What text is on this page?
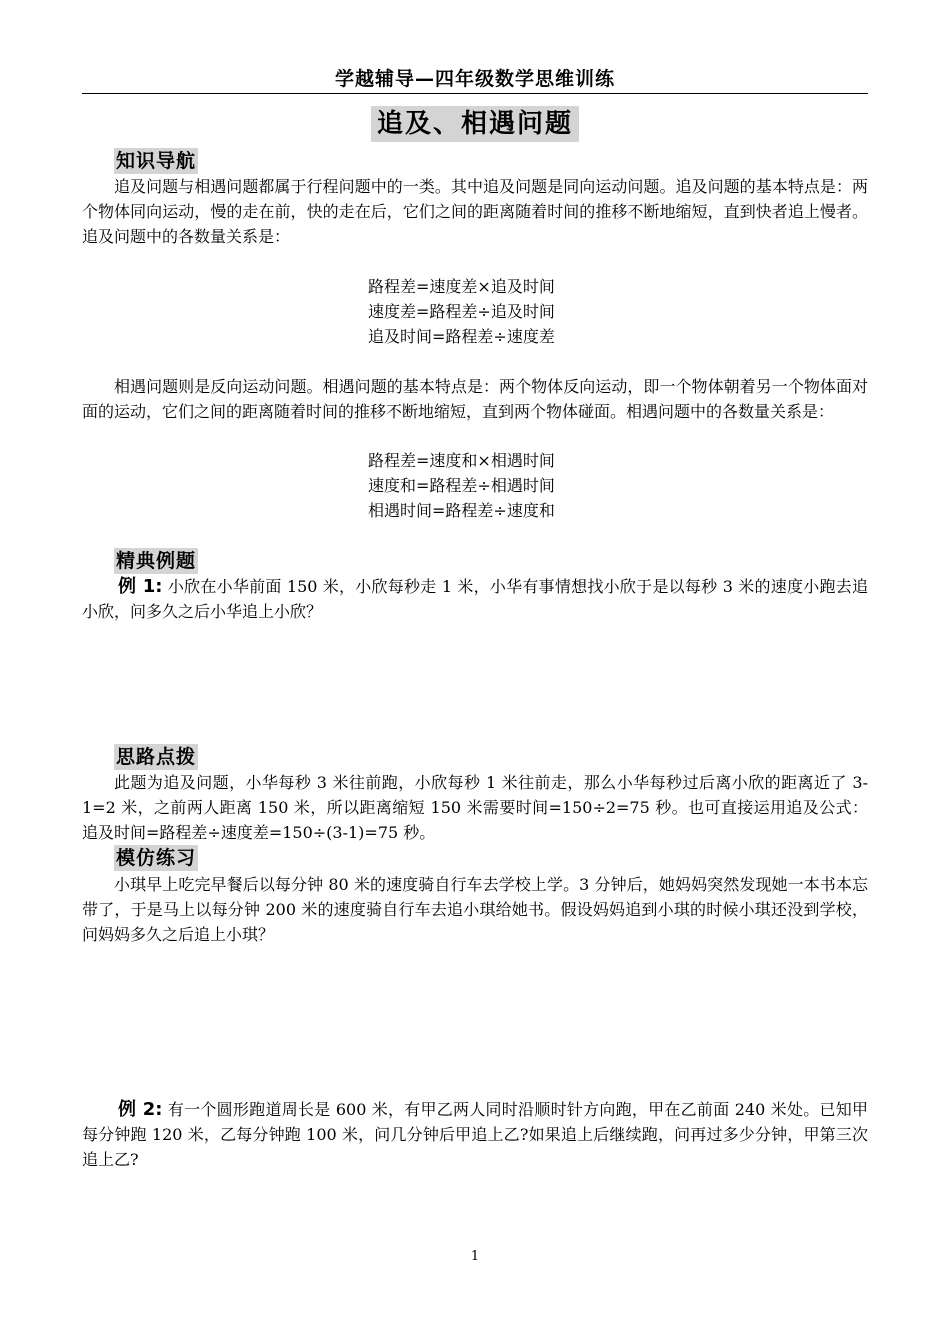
学越辅导—四年级数学思维训练
追及、相遇问题
知识导航

追及问题与相遇问题都属于行程问题中的一类。其中追及问题是同向运动问题。追及问题的基本特点是：两个物体同向运动，慢的走在前，快的走在后，它们之间的距离随着时间的推移不断地缩短，直到快者追上慢者。追及问题中的各数量关系是：

路程差=速度差×追及时间
速度差=路程差÷追及时间
追及时间=路程差÷速度差

相遇问题则是反向运动问题。相遇问题的基本特点是：两个物体反向运动，即一个物体朝着另一个物体面对面的运动，它们之间的距离随着时间的推移不断地缩短，直到两个物体碰面。相遇问题中的各数量关系是：

路程差=速度和×相遇时间
速度和=路程差÷相遇时间
相遇时间=路程差÷速度和
精典例题

例 1: 小欣在小华前面 150 米，小欣每秒走 1 米，小华有事情想找小欣于是以每秒 3 米的速度小跑去追小欣，问多久之后小华追上小欣？

思路点拨

此题为追及问题，小华每秒 3 米往前跑，小欣每秒 1 米往前走，那么小华每秒过后离小欣的距离近了 3-1=2 米，之前两人距离 150 米，所以距离缩短 150 米需要时间=150÷2=75 秒。也可直接运用追及公式：追及时间=路程差÷速度差=150÷(3-1)=75 秒。

模仿练习

小琪早上吃完早餐后以每分钟 80 米的速度骑自行车去学校上学。3 分钟后，她妈妈突然发现她一本书本忘带了，于是马上以每分钟 200 米的速度骑自行车去追小琪给她书。假设妈妈追到小琪的时候小琪还没到学校，问妈妈多久之后追上小琪？

例 2: 有一个圆形跑道周长是 600 米，有甲乙两人同时沿顺时针方向跑，甲在乙前面 240 米处。已知甲每分钟跑 120 米，乙每分钟跑 100 米，问几分钟后甲追上乙?如果追上后继续跑，问再过多少分钟，甲第三次追上乙?

1
